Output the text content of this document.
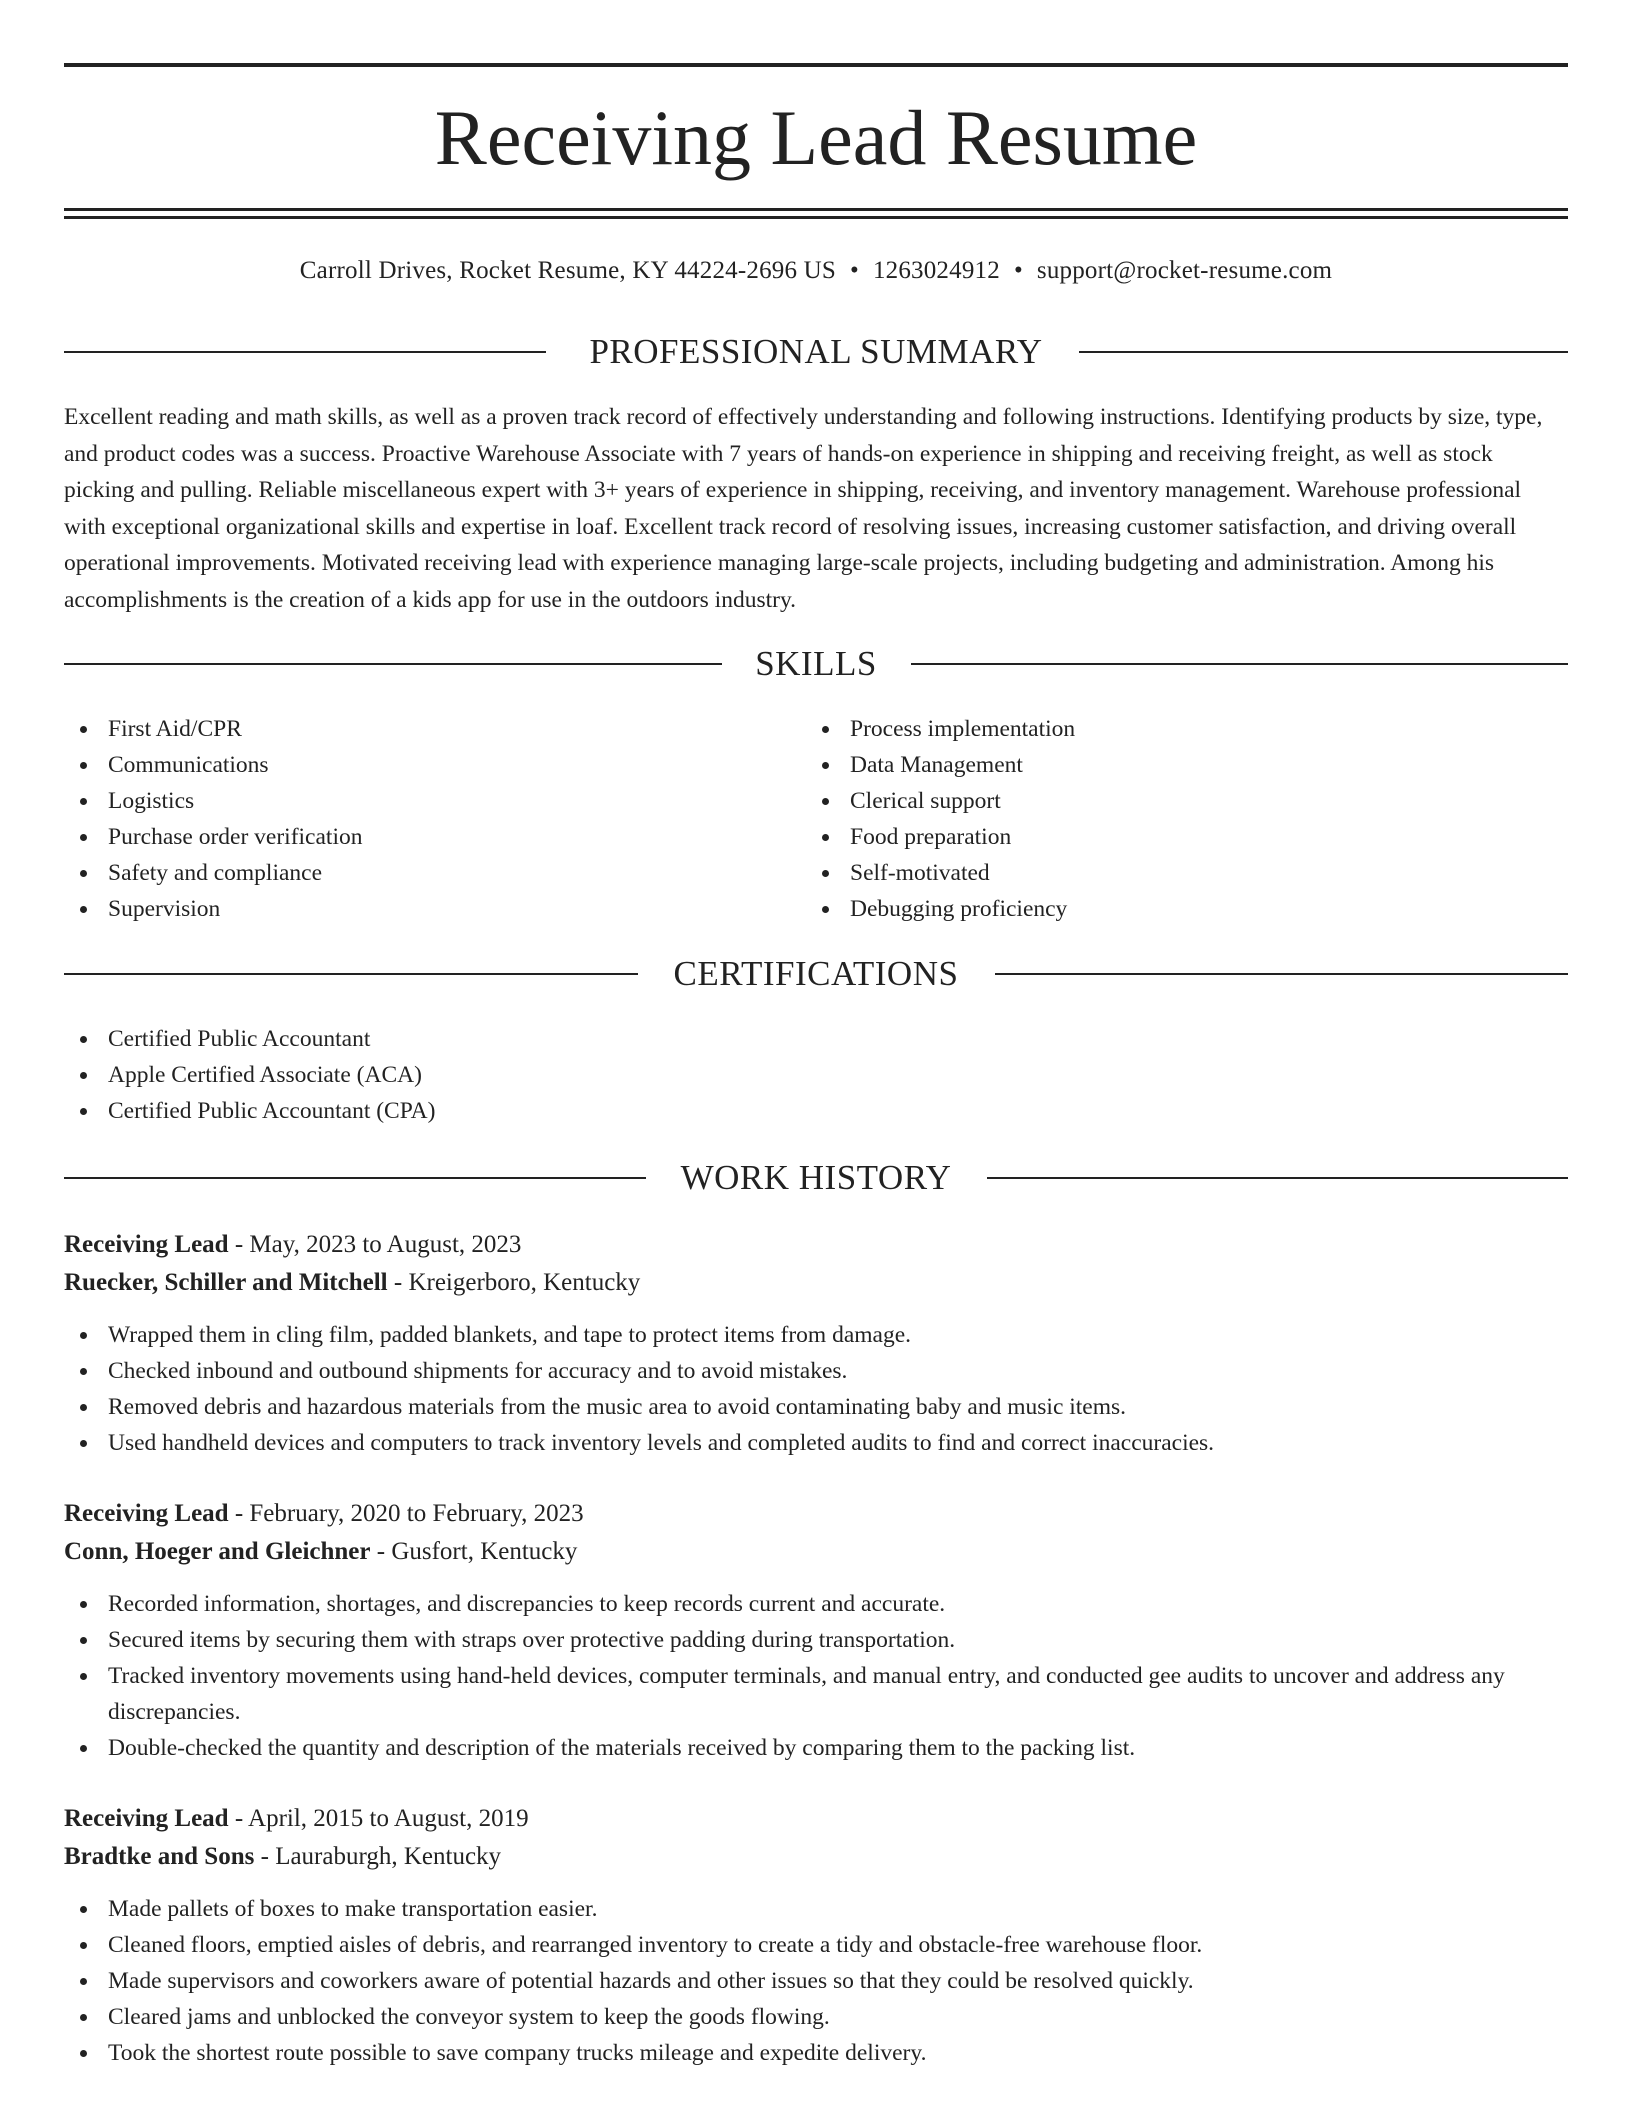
Receiving Lead Resume
Carroll Drives, Rocket Resume, KY 44224-2696 US • 1263024912 • support@rocket-resume.com
PROFESSIONAL SUMMARY

Excellent reading and math skills, as well as a proven track record of effectively understanding and following instructions. Identifying products by size, type, and product codes was a success. Proactive Warehouse Associate with 7 years of hands-on experience in shipping and receiving freight, as well as stock picking and pulling. Reliable miscellaneous expert with 3+ years of experience in shipping, receiving, and inventory management. Warehouse professional with exceptional organizational skills and expertise in loaf. Excellent track record of resolving issues, increasing customer satisfaction, and driving overall operational improvements. Motivated receiving lead with experience managing large-scale projects, including budgeting and administration. Among his accomplishments is the creation of a kids app for use in the outdoors industry.

SKILLS
First Aid/CPR
Communications
Logistics
Purchase order verification
Safety and compliance
Supervision
Process implementation
Data Management
Clerical support
Food preparation
Self-motivated
Debugging proficiency
CERTIFICATIONS
Certified Public Accountant
Apple Certified Associate (ACA)
Certified Public Accountant (CPA)
WORK HISTORY
Receiving Lead - May, 2023 to August, 2023
Ruecker, Schiller and Mitchell - Kreigerboro, Kentucky
Wrapped them in cling film, padded blankets, and tape to protect items from damage.
Checked inbound and outbound shipments for accuracy and to avoid mistakes.
Removed debris and hazardous materials from the music area to avoid contaminating baby and music items.
Used handheld devices and computers to track inventory levels and completed audits to find and correct inaccuracies.
Receiving Lead - February, 2020 to February, 2023
Conn, Hoeger and Gleichner - Gusfort, Kentucky
Recorded information, shortages, and discrepancies to keep records current and accurate.
Secured items by securing them with straps over protective padding during transportation.
Tracked inventory movements using hand-held devices, computer terminals, and manual entry, and conducted gee audits to uncover and address any discrepancies.
Double-checked the quantity and description of the materials received by comparing them to the packing list.
Receiving Lead - April, 2015 to August, 2019
Bradtke and Sons - Lauraburgh, Kentucky
Made pallets of boxes to make transportation easier.
Cleaned floors, emptied aisles of debris, and rearranged inventory to create a tidy and obstacle-free warehouse floor.
Made supervisors and coworkers aware of potential hazards and other issues so that they could be resolved quickly.
Cleared jams and unblocked the conveyor system to keep the goods flowing.
Took the shortest route possible to save company trucks mileage and expedite delivery.
